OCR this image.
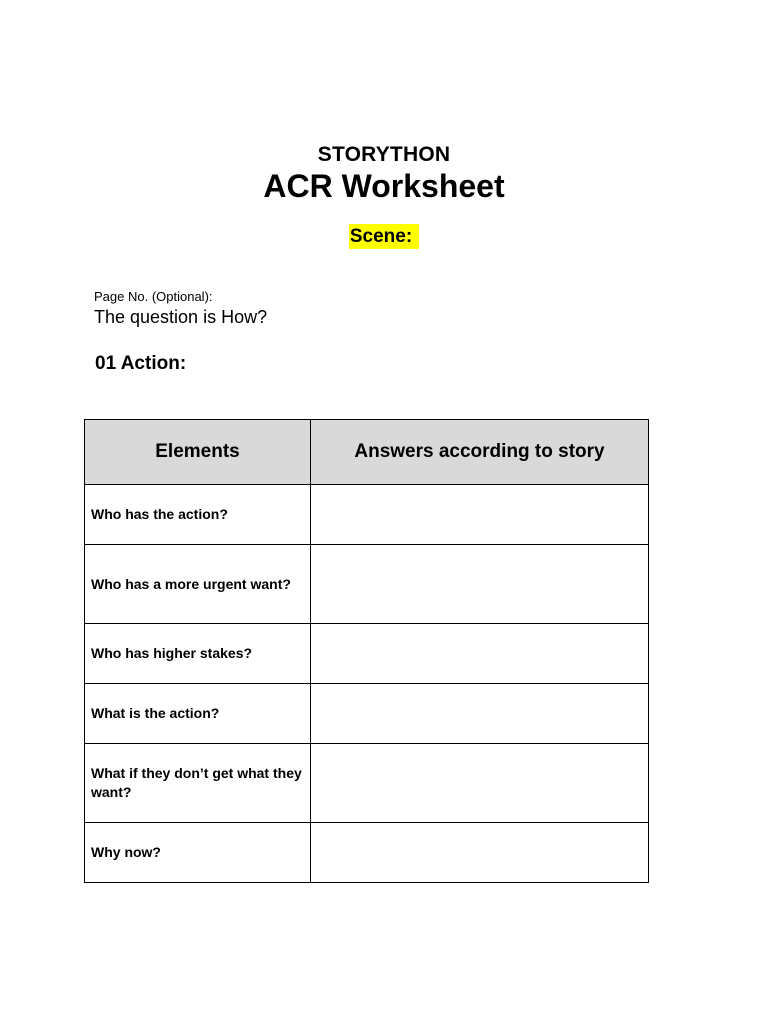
STORYTHON
ACR Worksheet
Scene:
Page No. (Optional):
The question is How?
01 Action:
Elements	Answers according to story
Who has the action?	
Who has a more urgent want?	
Who has higher stakes?	
What is the action?	
What if they don’t get what they want?	
Why now?	
